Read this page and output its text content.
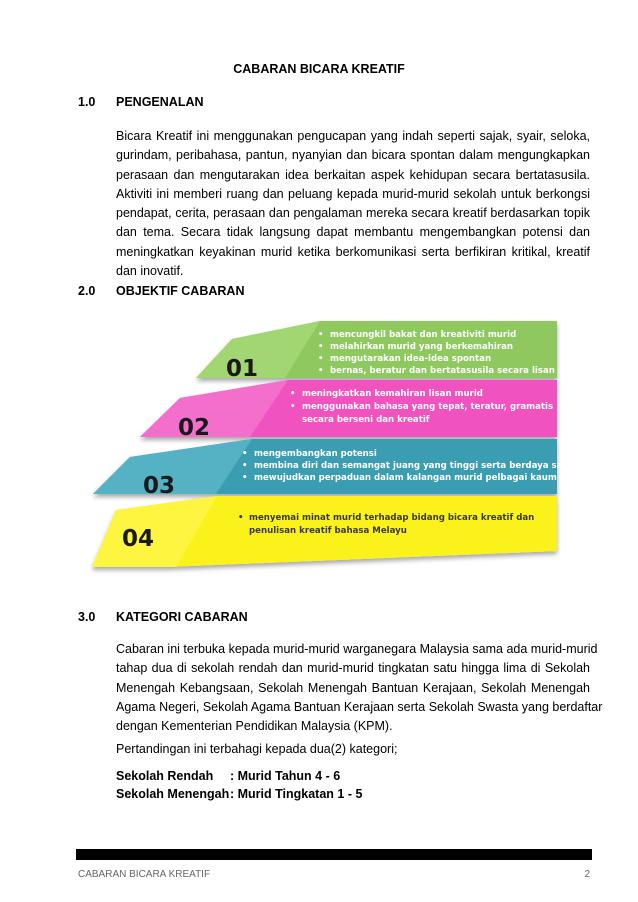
CABARAN BICARA KREATIF
1.0 PENGENALAN
Bicara Kreatif ini menggunakan pengucapan yang indah seperti sajak, syair, seloka,
gurindam, peribahasa, pantun, nyanyian dan bicara spontan dalam mengungkapkan
perasaan dan mengutarakan idea berkaitan aspek kehidupan secara bertatasusila.
Aktiviti ini memberi ruang dan peluang kepada murid-murid sekolah untuk berkongsi
pendapat, cerita, perasaan dan pengalaman mereka secara kreatif berdasarkan topik
dan tema. Secara tidak langsung dapat membantu mengembangkan potensi dan
meningkatkan keyakinan murid ketika berkomunikasi serta berfikiran kritikal, kreatif
dan inovatif.
2.0 OBJEKTIF CABARAN
01
02
03
04
• mencungkil bakat dan kreativiti murid
• melahirkan murid yang berkemahiran
• mengutarakan idea-idea spontan
• bernas, beratur dan bertatasusila secara lisan
• meningkatkan kemahiran lisan murid
• menggunakan bahasa yang tepat, teratur, gramatis
secara berseni dan kreatif
• mengembangkan potensi
• membina diri dan semangat juang yang tinggi serta berdaya saing
• mewujudkan perpaduan dalam kalangan murid pelbagai kaum
• menyemai minat murid terhadap bidang bicara kreatif dan
penulisan kreatif bahasa Melayu
3.0 KATEGORI CABARAN
Cabaran ini terbuka kepada murid-murid warganegara Malaysia sama ada murid-murid
tahap dua di sekolah rendah dan murid-murid tingkatan satu hingga lima di Sekolah
Menengah Kebangsaan, Sekolah Menengah Bantuan Kerajaan, Sekolah Menengah
Agama Negeri, Sekolah Agama Bantuan Kerajaan serta Sekolah Swasta yang berdaftar
dengan Kementerian Pendidikan Malaysia (KPM).
Pertandingan ini terbahagi kepada dua(2) kategori;
Sekolah Rendah : Murid Tahun 4 - 6
Sekolah Menengah: Murid Tingkatan 1 - 5
CABARAN BICARA KREATIF	2
